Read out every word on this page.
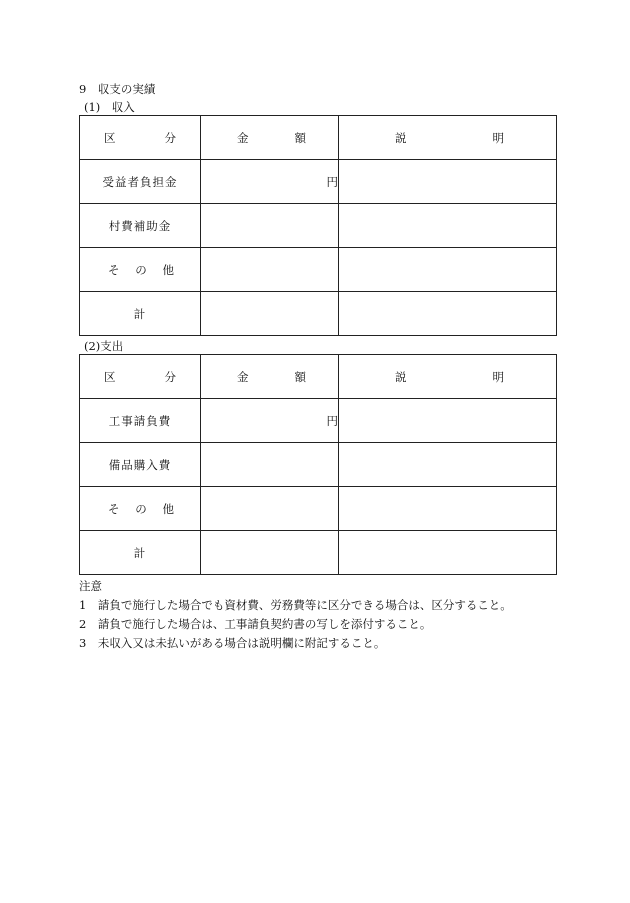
9　収支の実績
(1)　収入
区 分	金 額	説 明

受益者負担金	円	
村費補助金		

そ の 他		

計		
(2)支出
区 分	金 額	説 明

工事請負費	円	
備品購入費		

そ の 他		

計		
注意
1　請負で施行した場合でも資材費、労務費等に区分できる場合は、区分すること。
2　請負で施行した場合は、工事請負契約書の写しを添付すること。
3　未収入又は未払いがある場合は説明欄に附記すること。
